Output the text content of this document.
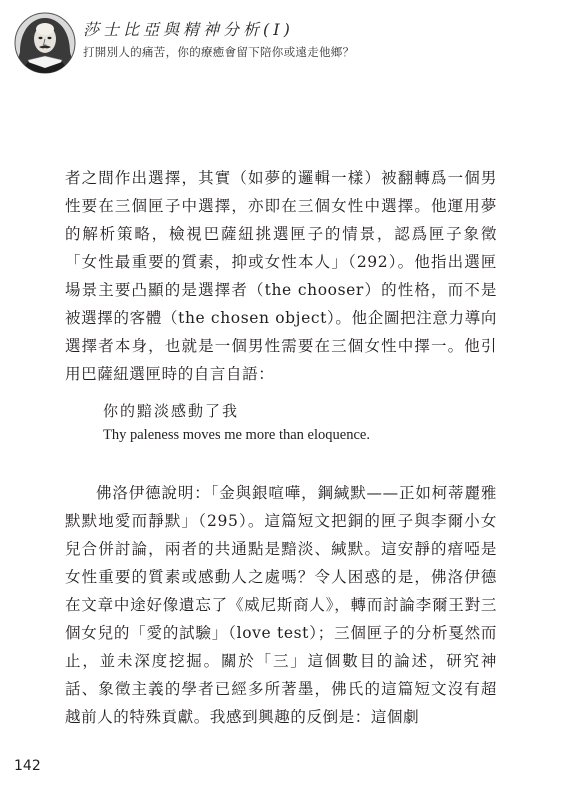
莎士比亞與精神分析(I)
打開別人的痛苦，你的療癒會留下陪你或遠走他鄉？
者之間作出選擇，其實（如夢的邏輯一樣）被翻轉爲一個男性要在三個匣子中選擇，亦即在三個女性中選擇。他運用夢的解析策略，檢視巴薩紐挑選匣子的情景，認爲匣子象徵「女性最重要的質素，抑或女性本人」（292）。他指出選匣場景主要凸顯的是選擇者（the chooser）的性格，而不是被選擇的客體（the chosen object）。他企圖把注意力導向選擇者本身，也就是一個男性需要在三個女性中擇一。他引用巴薩紐選匣時的自言自語：
你的黯淡感動了我
Thy paleness moves me more than eloquence.
佛洛伊德說明：「金與銀喧嘩，鋼緘默——正如柯蒂麗雅默默地愛而靜默」（295）。這篇短文把銅的匣子與李爾小女兒合併討論，兩者的共通點是黯淡、緘默。這安靜的瘖啞是女性重要的質素或感動人之處嗎？令人困惑的是，佛洛伊德在文章中途好像遺忘了《威尼斯商人》，轉而討論李爾王對三個女兒的「愛的試驗」（love test）；三個匣子的分析戛然而止，並未深度挖掘。關於「三」這個數目的論述，研究神話、象徵主義的學者已經多所著墨，佛氏的這篇短文沒有超越前人的特殊貢獻。我感到興趣的反倒是：這個劇
142
